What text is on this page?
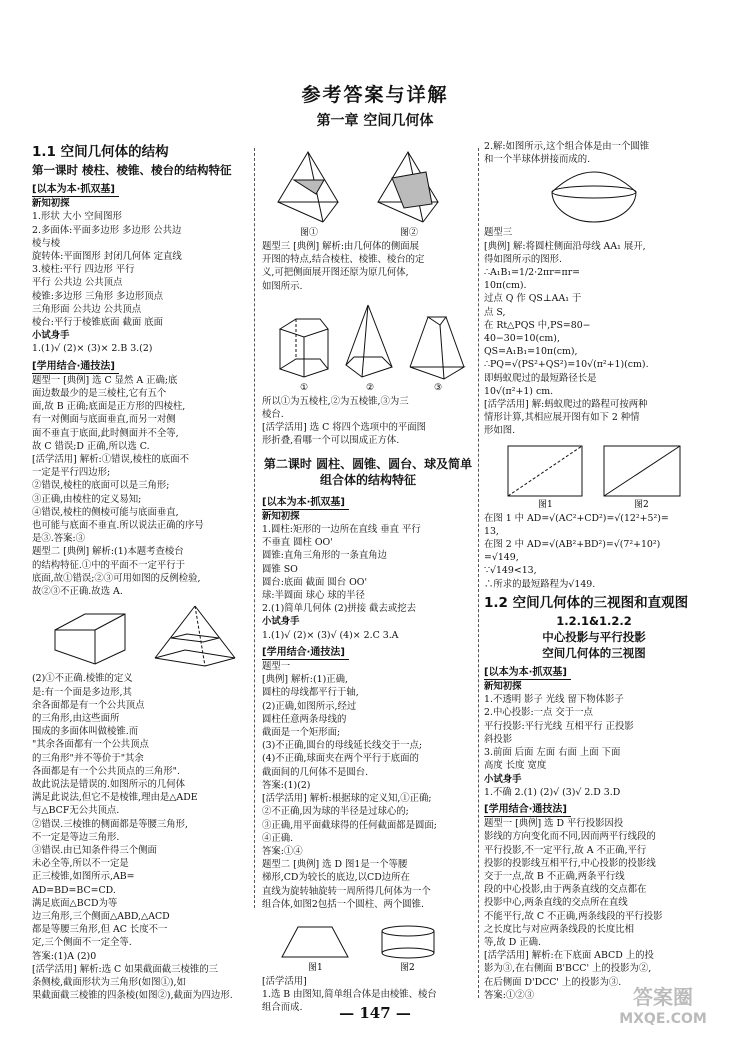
参考答案与详解
第一章 空间几何体
1.1 空间几何体的结构
第一课时 棱柱、棱锥、棱台的结构特征
[以本为本·抓双基]
新知初探
1.形状 大小 空间图形
2.多面体:平面多边形 多边形 公共边
棱与棱
旋转体:平面图形 封闭几何体 定直线
3.棱柱:平行 四边形 平行
平行 公共边 公共顶点
棱锥:多边形 三角形 多边形顶点
三角形面 公共边 公共顶点
棱台:平行于棱锥底面 截面 底面
小试身手
1.(1)√ (2)× (3)× 2.B 3.(2)
[学用结合·通技法]
题型一 [典例] 选 C 显然 A 正确;底
面边数最少的是三棱柱,它有五个
面,故 B 正确;底面是正方形的四棱柱,
有一对侧面与底面垂直,而另一对侧
面不垂直于底面,此时侧面并不全等,
故 C 错误;D 正确,所以选 C.
[活学活用] 解析:①错误,棱柱的底面不
一定是平行四边形;
②错误,棱柱的底面可以是三角形;
③正确,由棱柱的定义易知;
④错误,棱柱的侧棱可能与底面垂直,
也可能与底面不垂直.所以说法正确的序号
是③.答案:③
题型二 [典例] 解析:(1)本题考查棱台
的结构特征.①中的平面不一定平行于
底面,故①错误;②③可用如图的反例检验,
故②③不正确.故选 A.
(2)①不正确.棱锥的定义
是:有一个面是多边形,其
余各面都是有一个公共顶点
的三角形,由这些面所
围成的多面体叫做棱锥.而
"其余各面都有一个公共顶点
的三角形"并不等价于"其余
各面都是有一个公共顶点的三角形".
故此说法是错误的.如图所示的几何体
满足此说法,但它不是棱锥,理由是△ADE
与△BCF无公共顶点.
②错误.三棱锥的侧面都是等腰三角形,
不一定是等边三角形.
③错误.由已知条件得三个侧面
未必全等,所以不一定是
正三棱锥,如图所示,AB=
AD=BD=BC=CD.
满足底面△BCD为等
边三角形,三个侧面△ABD,△ACD
都是等腰三角形,但 AC 长度不一
定,三个侧面不一定全等.
答案:(1)A (2)0
[活学活用] 解析:选 C 如果截面截三棱锥的三
条侧棱,截面形状为三角形(如图①),如
果截面截三棱锥的四条棱(如图②),截面为四边形.
图①	图②
题型三 [典例] 解析:由几何体的侧面展
开图的特点,结合棱柱、棱锥、棱台的定
义,可把侧面展开图还原为原几何体,
如图所示.
①	②	③
所以①为五棱柱,②为五棱锥,③为三
棱台.
[活学活用] 选 C 将四个选项中的平面图
形折叠,看哪一个可以围成正方体.
第二课时 圆柱、圆锥、圆台、球及简单组合体的结构特征
[以本为本·抓双基]
新知初探
1.圆柱:矩形的一边所在直线 垂直 平行
不垂直 圆柱 OO'
圆锥:直角三角形的一条直角边
圆锥 SO
圆台:底面 截面 圆台 OO'
球:半圆面 球心 球的半径
2.(1)简单几何体 (2)拼接 截去或挖去
小试身手
1.(1)√ (2)× (3)√ (4)× 2.C 3.A
[学用结合·通技法]
题型一
[典例] 解析:(1)正确,
圆柱的母线都平行于轴,
(2)正确,如图所示,经过
圆柱任意两条母线的
截面是一个矩形面;
(3)不正确,圆台的母线延长线交于一点;
(4)不正确,球面夹在两个平行于底面的
截面间的几何体不是圆台.
答案:(1)(2)
[活学活用] 解析:根据球的定义知,①正确;
②不正确,因为球的半径是过球心的;
③正确,用平面截球得的任何截面都是圆面;
④正确.
答案:①④
题型二 [典例] 选 D 图1是一个等腰
梯形,CD为较长的底边,以CD边所在
直线为旋转轴旋转一周所得几何体为一个
组合体,如图2包括一个圆柱、两个圆锥.
图1	图2
[活学活用]
1.选 B 由图知,简单组合体是由棱锥、棱台
组合而成.
2.解:如图所示,这个组合体是由一个圆锥
和一个半球体拼接而成的.
题型三
[典例] 解:将圆柱侧面沿母线 AA₁ 展开,
得如图所示的图形.
∴A₁B₁=1/2·2πr=πr=
10π(cm).
过点 Q 作 QS⊥AA₁ 于
点 S,
在 Rt△PQS 中,PS=80−
40−30=10(cm),
QS=A₁B₁=10π(cm),
∴PQ=√(PS²+QS²)=10√(π²+1)(cm).
即蚂蚁爬过的最短路径长是
10√(π²+1) cm.
[活学活用] 解:蚂蚁爬过的路程可按两种
情形计算,其相应展开图有如下 2 种情
形如图.
图1	图2
在图 1 中 AD=√(AC²+CD²)=√(12²+5²)=
13,
在图 2 中 AD=√(AB²+BD²)=√(7²+10²)
=√149,
∵√149<13,
∴所求的最短路程为√149.
1.2 空间几何体的三视图和直观图
1.2.1&1.2.2
中心投影与平行投影
空间几何体的三视图
[以本为本·抓双基]
新知初探
1.不透明 影子 光线 留下物体影子
2.中心投影:一点 交于一点
平行投影:平行光线 互相平行 正投影
斜投影
3.前面 后面 左面 右面 上面 下面
高度 长度 宽度
小试身手
1.不确 2.(1) (2)√ (3)√ 2.D 3.D
[学用结合·通技法]
题型一 [典例] 选 D 平行投影因投
影线的方向变化而不同,因而两平行线段的
平行投影,不一定平行,故 A 不正确,平行
投影的投影线互相平行,中心投影的投影线
交于一点,故 B 不正确,两条平行线
段的中心投影,由于两条直线的交点都在
投影中心,两条直线的交点所在直线
不能平行,故 C 不正确,两条线段的平行投影
之长度比与对应两条线段的长度比相
等,故 D 正确.
[活学活用] 解析:在下底面 ABCD 上的投
影为③,在右侧面 B'BCC' 上的投影为②,
在后侧面 D'DCC' 上的投影为③.
答案:①②③
— 147 —
答案圈
MXQE.COM
